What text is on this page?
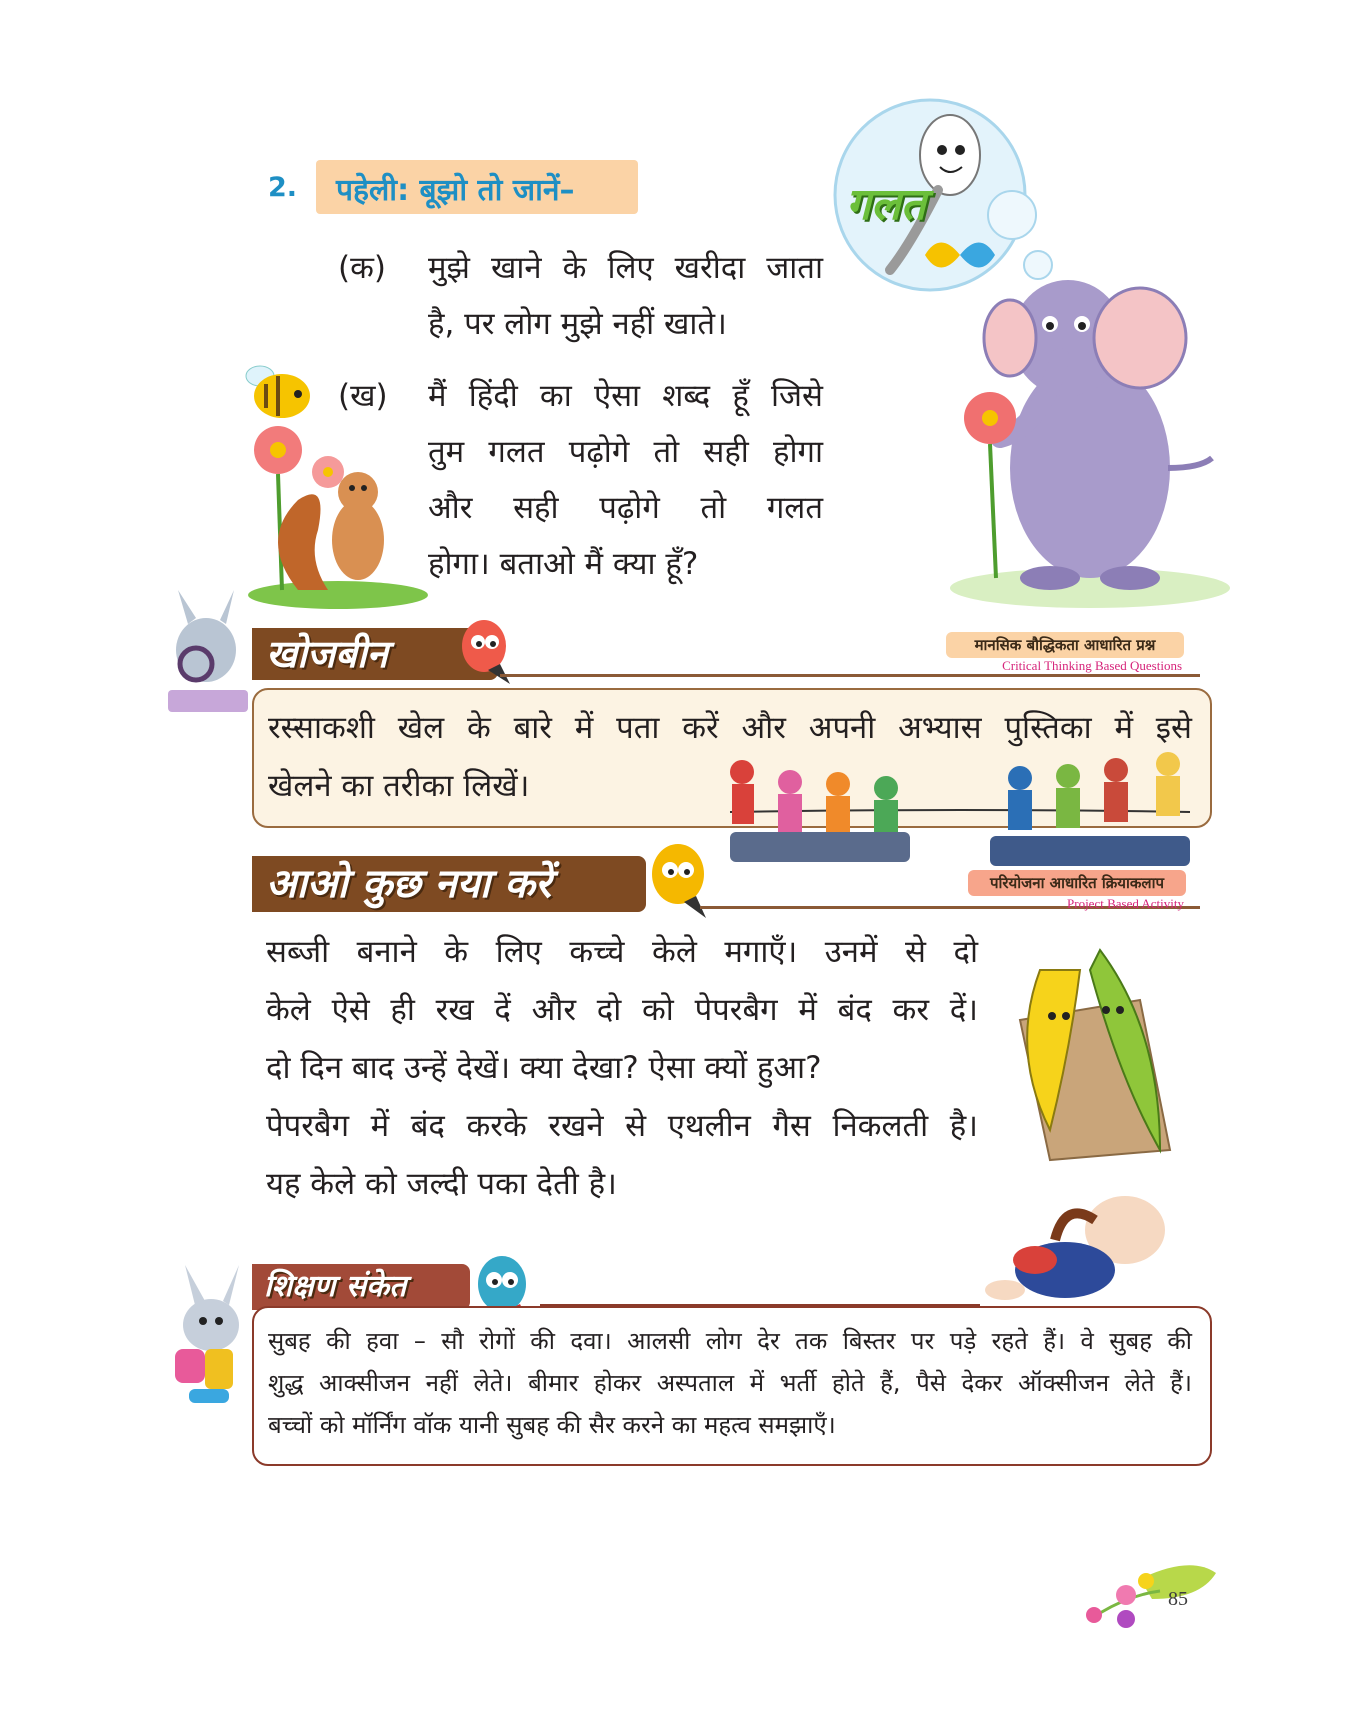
2. पहेली: बूझो तो जानें–
(क) मुझे खाने के लिए खरीदा जाता
है, पर लोग मुझे नहीं खाते।
(ख) मैं हिंदी का ऐसा शब्द हूँ जिसे
तुम गलत पढ़ोगे तो सही होगा
और सही पढ़ोगे तो गलत
होगा। बताओ मैं क्या हूँ?
गलत
मानसिक बौद्धिकता आधारित प्रश्न
Critical Thinking Based Questions
खोजबीन
रस्साकशी खेल के बारे में पता करें और अपनी अभ्यास पुस्तिका में इसे
खेलने का तरीका लिखें।
आओ कुछ नया करें	परियोजना आधारित क्रियाकलाप
Project Based Activity
सब्जी बनाने के लिए कच्चे केले मगाएँ। उनमें से दो
केले ऐसे ही रख दें और दो को पेपरबैग में बंद कर दें।
दो दिन बाद उन्हें देखें। क्या देखा? ऐसा क्यों हुआ?
पेपरबैग में बंद करके रखने से एथलीन गैस निकलती है।
यह केले को जल्दी पका देती है।
शिक्षण संकेत
सुबह की हवा – सौ रोगों की दवा। आलसी लोग देर तक बिस्तर पर पड़े रहते हैं। वे सुबह की
शुद्ध आक्सीजन नहीं लेते। बीमार होकर अस्पताल में भर्ती होते हैं, पैसे देकर ऑक्सीजन लेते हैं।
बच्चों को मॉर्निंग वॉक यानी सुबह की सैर करने का महत्व समझाएँ।
85
